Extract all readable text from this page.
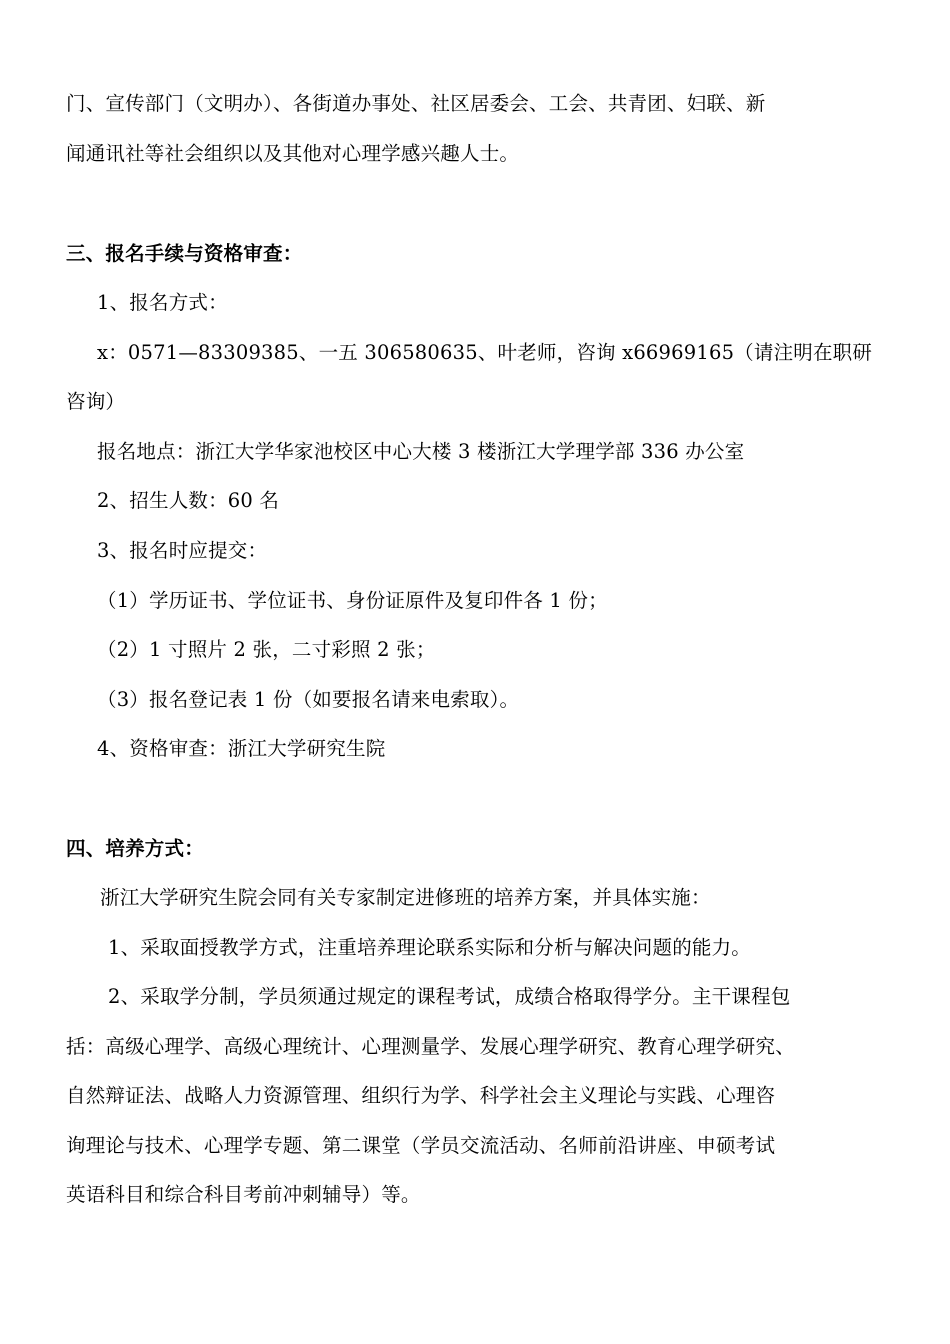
门、宣传部门（文明办）、各街道办事处、社区居委会、工会、共青团、妇联、新

闻通讯社等社会组织以及其他对心理学感兴趣人士。

三、报名手续与资格审查：

1、报名方式：

x：0571—83309385、一五 306580635、叶老师，咨询 x66969165（请注明在职研

咨询）

报名地点：浙江大学华家池校区中心大楼 3 楼浙江大学理学部 336 办公室

2、招生人数：60 名

3、报名时应提交：

（1）学历证书、学位证书、身份证原件及复印件各 1 份；

（2）1 寸照片 2 张，二寸彩照 2 张；

（3）报名登记表 1 份（如要报名请来电索取）。

4、资格审查：浙江大学研究生院

四、培养方式：

浙江大学研究生院会同有关专家制定进修班的培养方案，并具体实施：

1、采取面授教学方式，注重培养理论联系实际和分析与解决问题的能力。

2、采取学分制，学员须通过规定的课程考试，成绩合格取得学分。主干课程包

括：高级心理学、高级心理统计、心理测量学、发展心理学研究、教育心理学研究、

自然辩证法、战略人力资源管理、组织行为学、科学社会主义理论与实践、心理咨

询理论与技术、心理学专题、第二课堂（学员交流活动、名师前沿讲座、申硕考试

英语科目和综合科目考前冲刺辅导）等。
